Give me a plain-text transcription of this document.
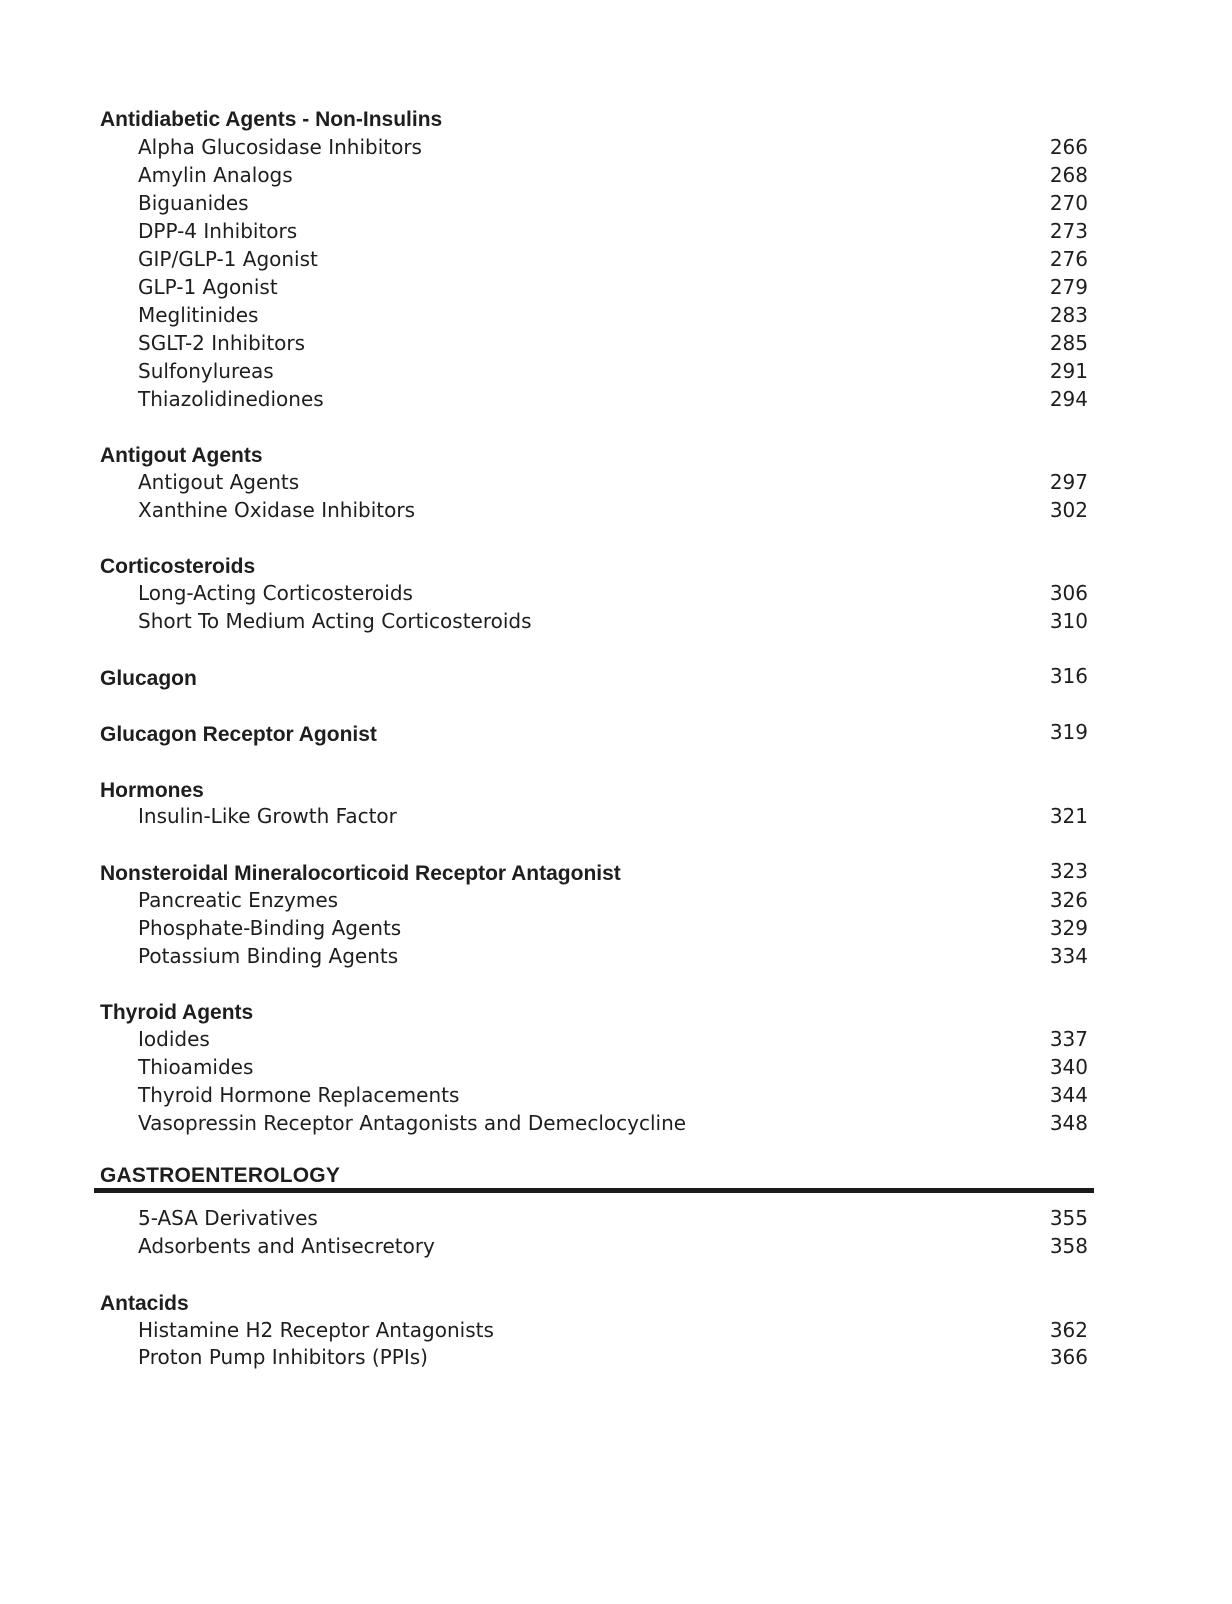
Antidiabetic Agents - Non-Insulins
Alpha Glucosidase Inhibitors	266
Amylin Analogs	268
Biguanides	270
DPP-4 Inhibitors	273
GIP/GLP-1 Agonist	276
GLP-1 Agonist	279
Meglitinides	283
SGLT-2 Inhibitors	285
Sulfonylureas	291
Thiazolidinediones	294
Antigout Agents
Antigout Agents	297
Xanthine Oxidase Inhibitors	302
Corticosteroids
Long-Acting Corticosteroids	306
Short To Medium Acting Corticosteroids	310
Glucagon	316
Glucagon Receptor Agonist	319
Hormones
Insulin-Like Growth Factor	321
Nonsteroidal Mineralocorticoid Receptor Antagonist	323
Pancreatic Enzymes	326
Phosphate-Binding Agents	329
Potassium Binding Agents	334
Thyroid Agents
Iodides	337
Thioamides	340
Thyroid Hormone Replacements	344
Vasopressin Receptor Antagonists and Demeclocycline	348
GASTROENTEROLOGY
5-ASA Derivatives	355
Adsorbents and Antisecretory	358
Antacids
Histamine H2 Receptor Antagonists	362
Proton Pump Inhibitors (PPIs)	366
